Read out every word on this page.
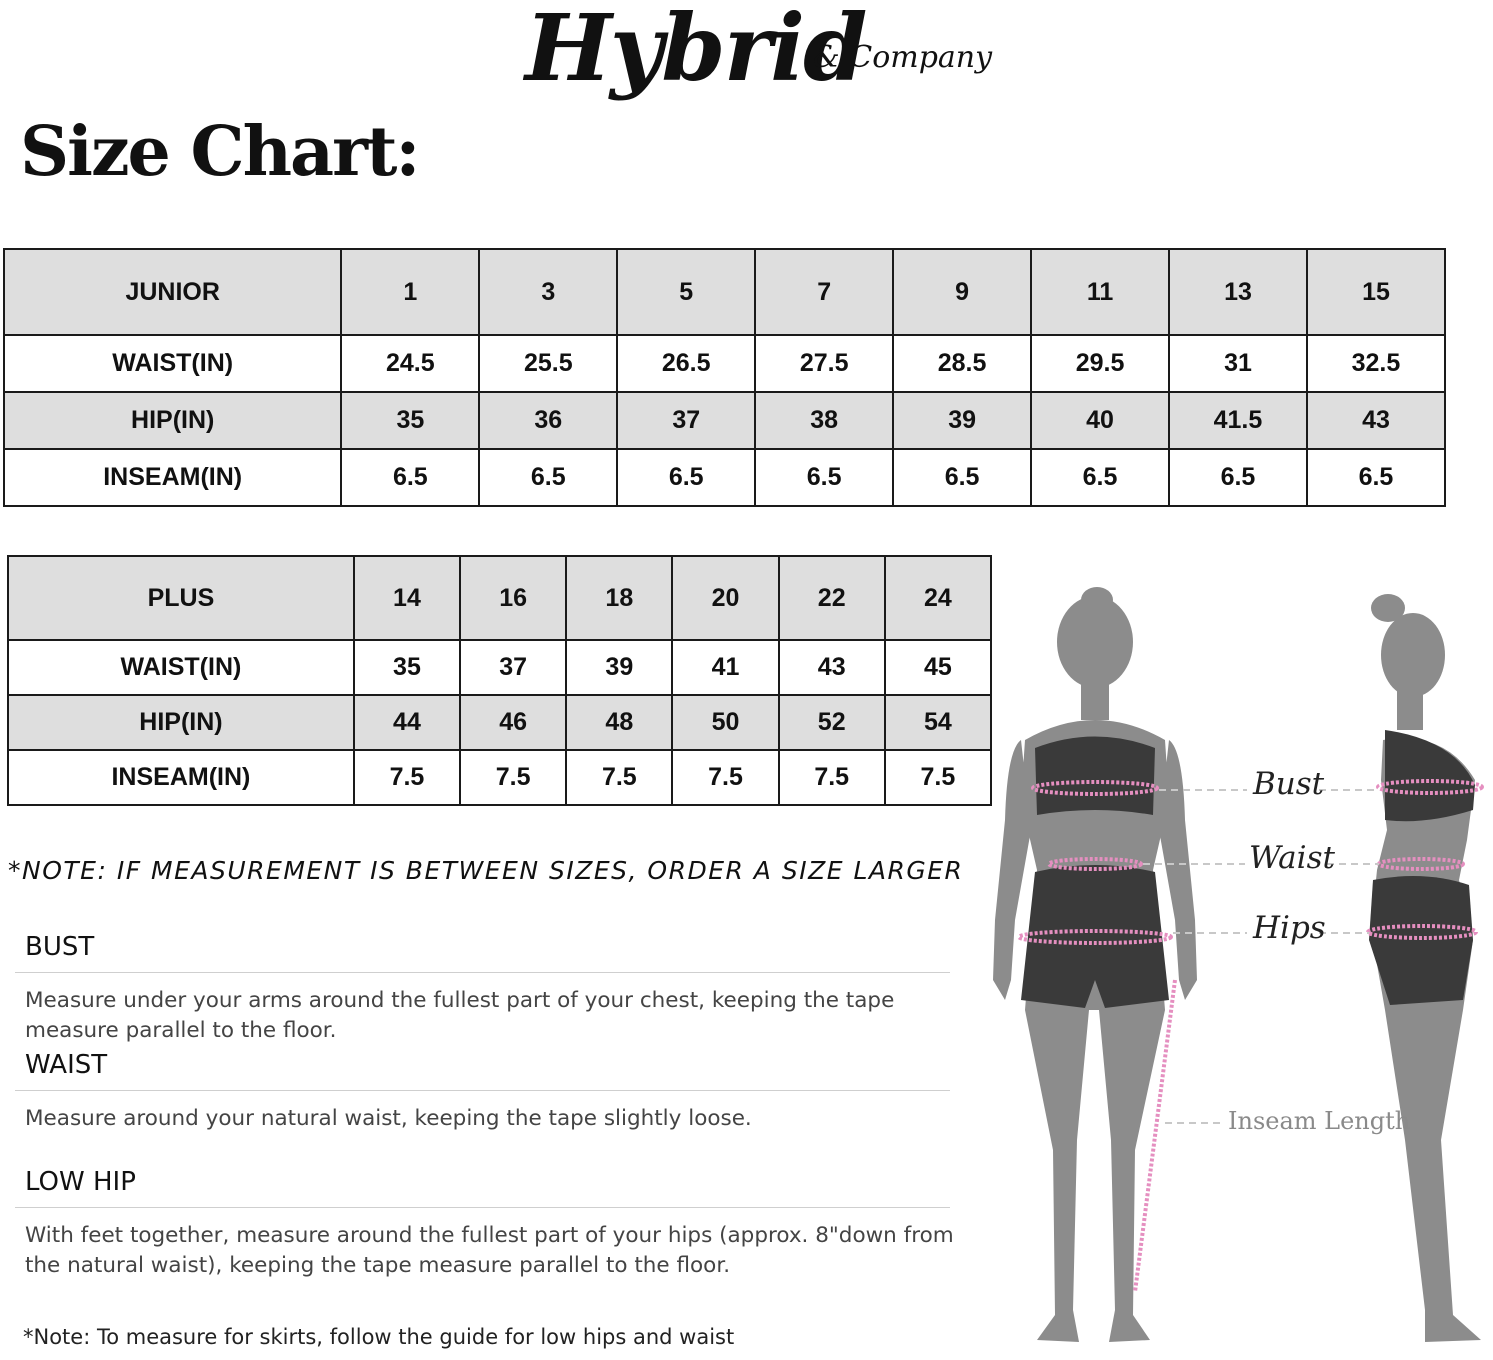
Hybrid
& Company
Size Chart:
JUNIOR	1	3	5	7	9	11	13	15
WAIST(IN)	24.5	25.5	26.5	27.5	28.5	29.5	31	32.5
HIP(IN)	35	36	37	38	39	40	41.5	43
INSEAM(IN)	6.5	6.5	6.5	6.5	6.5	6.5	6.5	6.5
PLUS	14	16	18	20	22	24
WAIST(IN)	35	37	39	41	43	45
HIP(IN)	44	46	48	50	52	54
INSEAM(IN)	7.5	7.5	7.5	7.5	7.5	7.5
*NOTE: IF MEASUREMENT IS BETWEEN SIZES, ORDER A SIZE LARGER
BUST
Measure under your arms around the fullest part of your chest, keeping the tape measure parallel to the floor.
WAIST
Measure around your natural waist, keeping the tape slightly loose.
LOW HIP
With feet together, measure around the fullest part of your hips (approx. 8"down from the natural waist), keeping the tape measure parallel to the floor.
*Note: To measure for skirts, follow the guide for low hips and waist
Bust
Waist
Hips
Inseam Length
